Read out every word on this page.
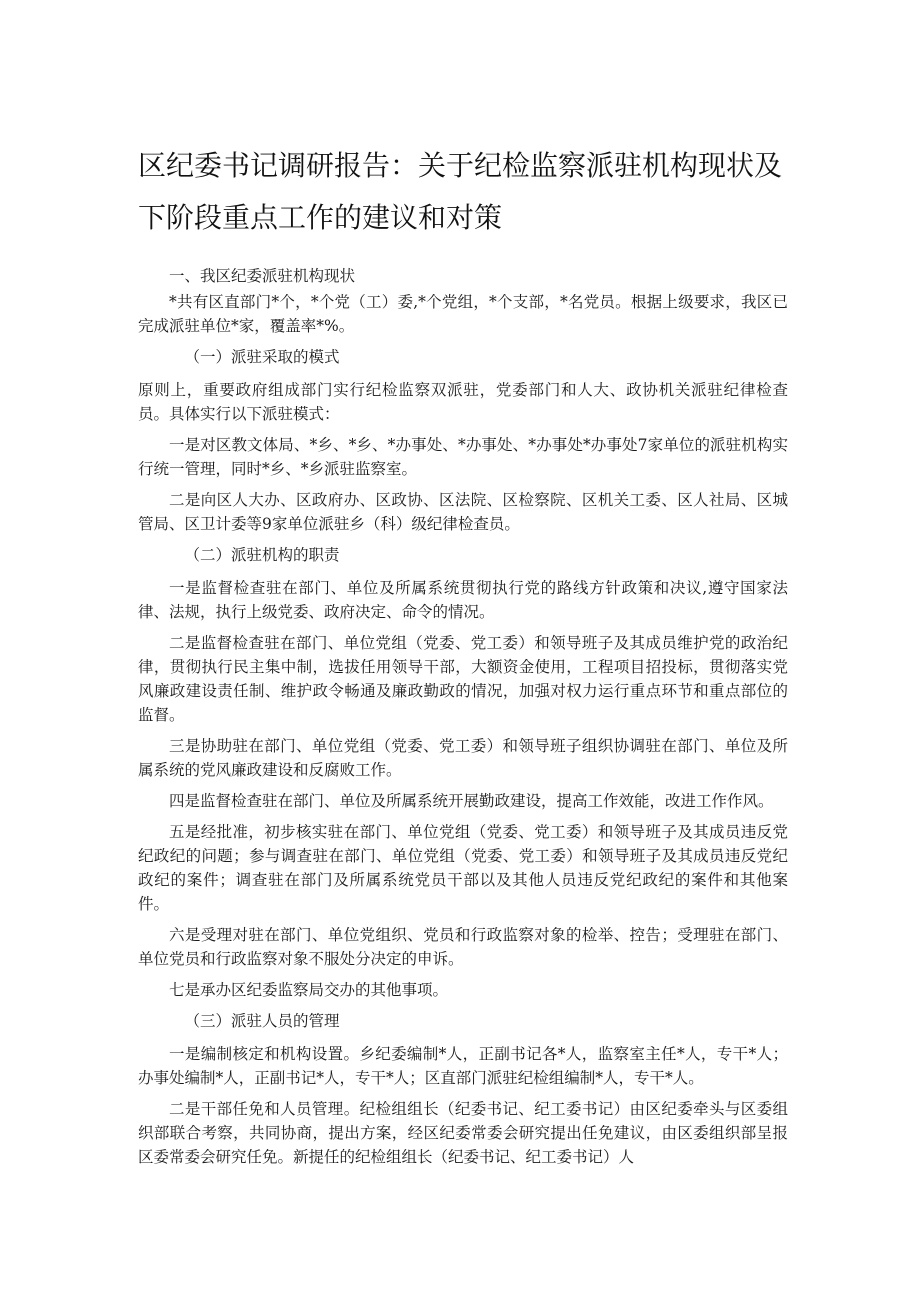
区纪委书记调研报告：关于纪检监察派驻机构现状及下阶段重点工作的建议和对策

一、我区纪委派驻机构现状

*共有区直部门*个，*个党（工）委,*个党组，*个支部，*名党员。根据上级要求，我区已完成派驻单位*家，覆盖率*%。

（一）派驻采取的模式

原则上，重要政府组成部门实行纪检监察双派驻，党委部门和人大、政协机关派驻纪律检查员。具体实行以下派驻模式：

一是对区教文体局、*乡、*乡、*办事处、*办事处、*办事处*办事处7家单位的派驻机构实行统一管理，同时*乡、*乡派驻监察室。

二是向区人大办、区政府办、区政协、区法院、区检察院、区机关工委、区人社局、区城管局、区卫计委等9家单位派驻乡（科）级纪律检查员。

（二）派驻机构的职责

一是监督检查驻在部门、单位及所属系统贯彻执行党的路线方针政策和决议,遵守国家法律、法规，执行上级党委、政府决定、命令的情况。

二是监督检查驻在部门、单位党组（党委、党工委）和领导班子及其成员维护党的政治纪律，贯彻执行民主集中制，选拔任用领导干部，大额资金使用，工程项目招投标，贯彻落实党风廉政建设责任制、维护政令畅通及廉政勤政的情况，加强对权力运行重点环节和重点部位的监督。

三是协助驻在部门、单位党组（党委、党工委）和领导班子组织协调驻在部门、单位及所属系统的党风廉政建设和反腐败工作。

四是监督检查驻在部门、单位及所属系统开展勤政建设，提高工作效能，改进工作作风。

五是经批准，初步核实驻在部门、单位党组（党委、党工委）和领导班子及其成员违反党纪政纪的问题；参与调查驻在部门、单位党组（党委、党工委）和领导班子及其成员违反党纪政纪的案件；调查驻在部门及所属系统党员干部以及其他人员违反党纪政纪的案件和其他案件。

六是受理对驻在部门、单位党组织、党员和行政监察对象的检举、控告；受理驻在部门、单位党员和行政监察对象不服处分决定的申诉。

七是承办区纪委监察局交办的其他事项。

（三）派驻人员的管理

一是编制核定和机构设置。乡纪委编制*人，正副书记各*人，监察室主任*人，专干*人；办事处编制*人，正副书记*人，专干*人；区直部门派驻纪检组编制*人，专干*人。

二是干部任免和人员管理。纪检组组长（纪委书记、纪工委书记）由区纪委牵头与区委组织部联合考察，共同协商，提出方案，经区纪委常委会研究提出任免建议，由区委组织部呈报区委常委会研究任免。新提任的纪检组组长（纪委书记、纪工委书记）人
